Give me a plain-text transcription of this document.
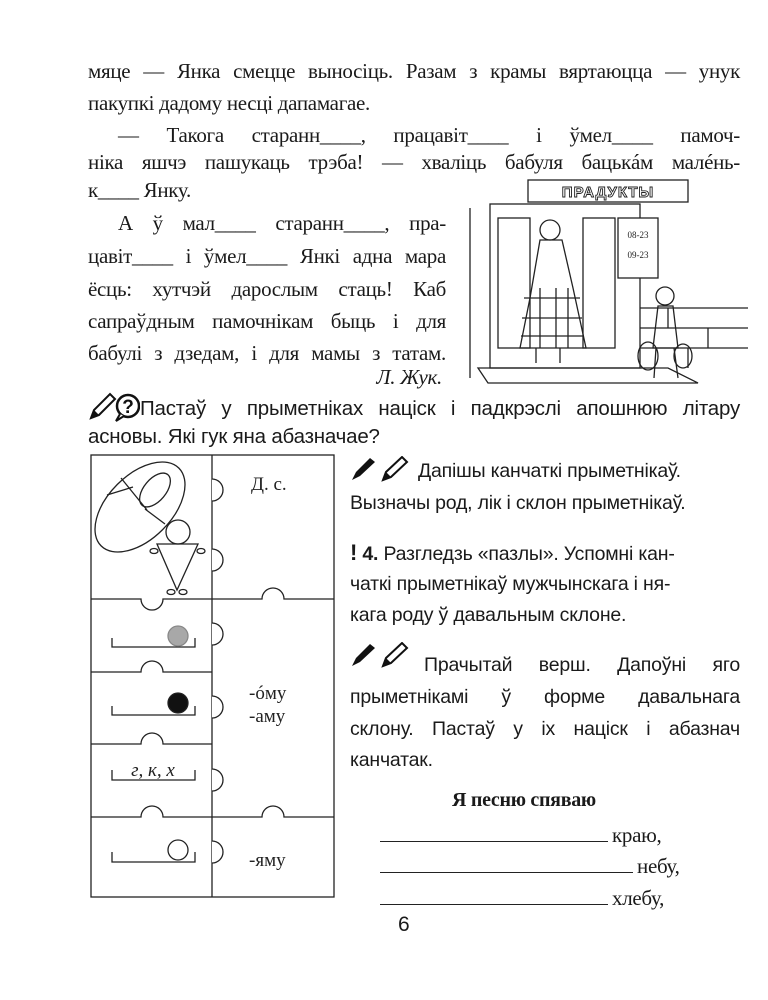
мяце — Янка смецце выносіць. Разам з крамы вяртаюцца — унук
пакупкі дадому несці дапамагае.
— Такога старанн____, працавіт____ і ўмел____ памоч-
ніка яшчэ пашукаць трэба! — хваліць бабуля бацькáм малéнь-
к____ Янку.
А ў мал____ старанн____, пра-
цавіт____ і ўмел____ Янкі адна мара
ёсць: хутчэй дарослым стаць! Каб
сапраўдным памочнікам быць і для
бабулі з дзедам, і для мамы з татам.
Л. Жук.
ПРАДУКТЫ
08-23
09-23
? Пастаў у прыметніках націск і падкрэслі апошнюю літару
асновы. Які гук яна абазначае?
г, к, х
Д. с.
-óму
-аму
-яму
Дапішы канчаткі прыметнікаў.
Вызначы род, лік і склон прыметнікаў.
! 4. Разгледзь «пазлы». Успомні кан-
чаткі прыметнікаў мужчынскага і ня-
кага роду ў давальным склоне.
Прачытай верш. Дапоўні яго
прыметнікамі ў форме давальнага
склону. Пастаў у іх націск і абазнач
канчатак.
Я песню спяваю
краю,
небу,
хлебу,
6
